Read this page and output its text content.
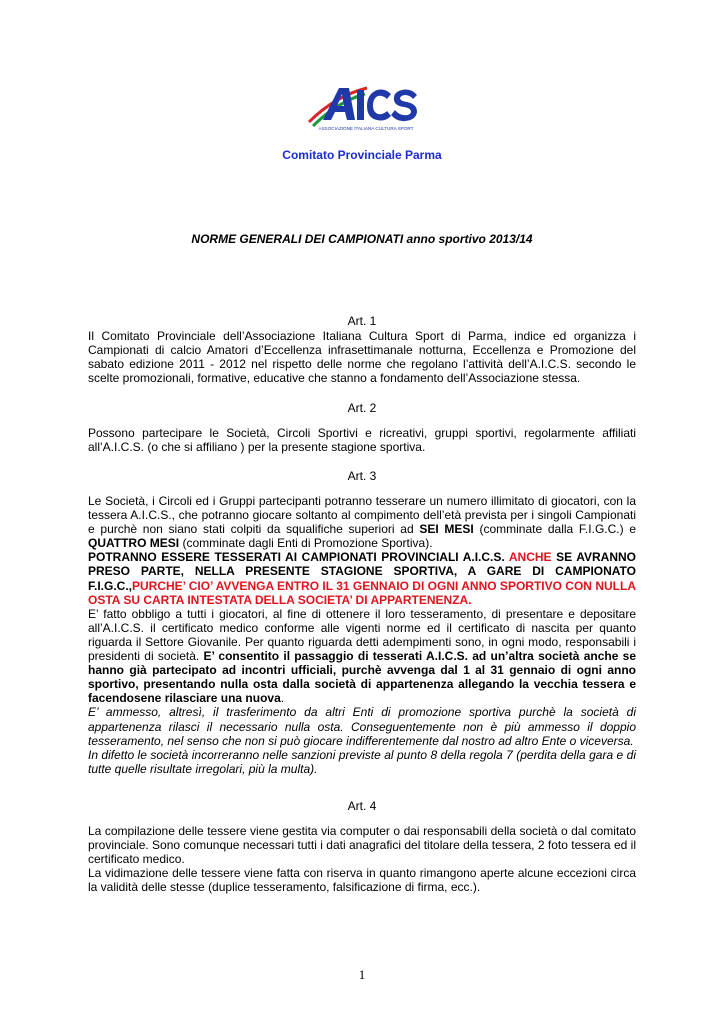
ASSOCIAZIONE ITALIANA CULTURA SPORT
Comitato Provinciale Parma
NORME GENERALI DEI CAMPIONATI anno sportivo 2013/14
Art. 1

Il Comitato Provinciale dell’Associazione Italiana Cultura Sport di Parma, indice ed organizza i Campionati di calcio Amatori d’Eccellenza infrasettimanale notturna, Eccellenza e Promozione del sabato edizione 2011 - 2012 nel rispetto delle norme che regolano l’attività dell’A.I.C.S. secondo le scelte promozionali, formative, educative che stanno a fondamento dell’Associazione stessa.

Art. 2

Possono partecipare le Società, Circoli Sportivi e ricreativi, gruppi sportivi, regolarmente affiliati all’A.I.C.S. (o che si affiliano ) per la presente stagione sportiva.

Art. 3

Le Società, i Circoli ed i Gruppi partecipanti potranno tesserare un numero illimitato di giocatori, con la tessera A.I.C.S., che potranno giocare soltanto al compimento dell’età prevista per i singoli Campionati e purchè non siano stati colpiti da squalifiche superiori ad SEI MESI (comminate dalla F.I.G.C.) e QUATTRO MESI (comminate dagli Enti di Promozione Sportiva).

POTRANNO ESSERE TESSERATI AI CAMPIONATI PROVINCIALI A.I.C.S. ANCHE SE AVRANNO PRESO PARTE, NELLA PRESENTE STAGIONE SPORTIVA, A GARE DI CAMPIONATO F.I.G.C.,PURCHE’ CIO’ AVVENGA ENTRO IL 31 GENNAIO DI OGNI ANNO SPORTIVO CON NULLA OSTA SU CARTA INTESTATA DELLA SOCIETA’ DI APPARTENENZA.

E’ fatto obbligo a tutti i giocatori, al fine di ottenere il loro tesseramento, di presentare e depositare all’A.I.C.S. il certificato medico conforme alle vigenti norme ed il certificato di nascita per quanto riguarda il Settore Giovanile. Per quanto riguarda detti adempimenti sono, in ogni modo, responsabili i presidenti di società. E’ consentito il passaggio di tesserati A.I.C.S. ad un’altra società anche se hanno già partecipato ad incontri ufficiali, purchè avvenga dal 1 al 31 gennaio di ogni anno sportivo, presentando nulla osta dalla società di appartenenza allegando la vecchia tessera e facendosene rilasciare una nuova.

E’ ammesso, altresì, il trasferimento da altri Enti di promozione sportiva purchè la società di appartenenza rilasci il necessario nulla osta. Conseguentemente non è più ammesso il doppio tesseramento, nel senso che non si può giocare indifferentemente dal nostro ad altro Ente o viceversa.

In difetto le società incorreranno nelle sanzioni previste al punto 8 della regola 7 (perdita della gara e di tutte quelle risultate irregolari, più la multa).

Art. 4

La compilazione delle tessere viene gestita via computer o dai responsabili della società o dal comitato provinciale. Sono comunque necessari tutti i dati anagrafici del titolare della tessera, 2 foto tessera ed il certificato medico.

La vidimazione delle tessere viene fatta con riserva in quanto rimangono aperte alcune eccezioni circa la validità delle stesse (duplice tesseramento, falsificazione di firma, ecc.).

1
